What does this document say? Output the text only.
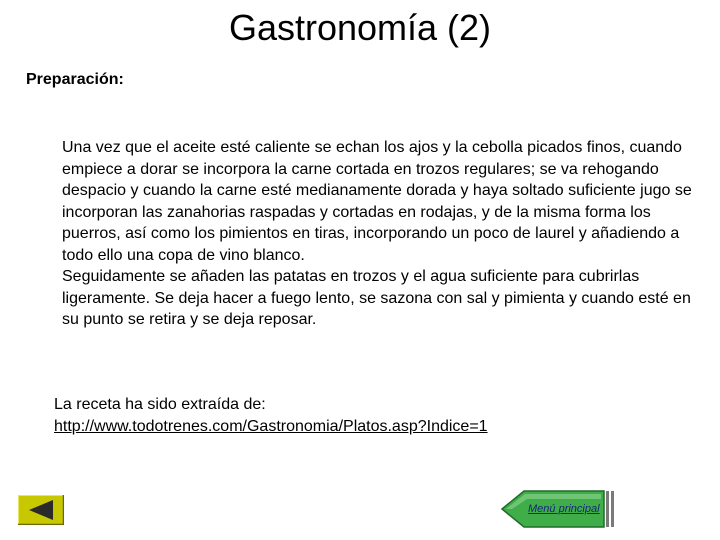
Gastronomía (2)
Preparación:

Una vez que el aceite esté caliente se echan los ajos y la cebolla picados finos, cuando empiece a dorar se incorpora la carne cortada en trozos regulares; se va rehogando despacio y cuando la carne esté medianamente dorada y haya soltado suficiente jugo se incorporan las zanahorias raspadas y cortadas en rodajas, y de la misma forma los puerros, así como los pimientos en tiras, incorporando un poco de laurel y añadiendo a todo ello una copa de vino blanco.

Seguidamente se añaden las patatas en trozos y el agua suficiente para cubrirlas ligeramente. Se deja hacer a fuego lento, se sazona con sal y pimienta y cuando esté en su punto se retira y se deja reposar.

La receta ha sido extraída de:
http://www.todotrenes.com/Gastronomia/Platos.asp?Indice=1
Menú principal
